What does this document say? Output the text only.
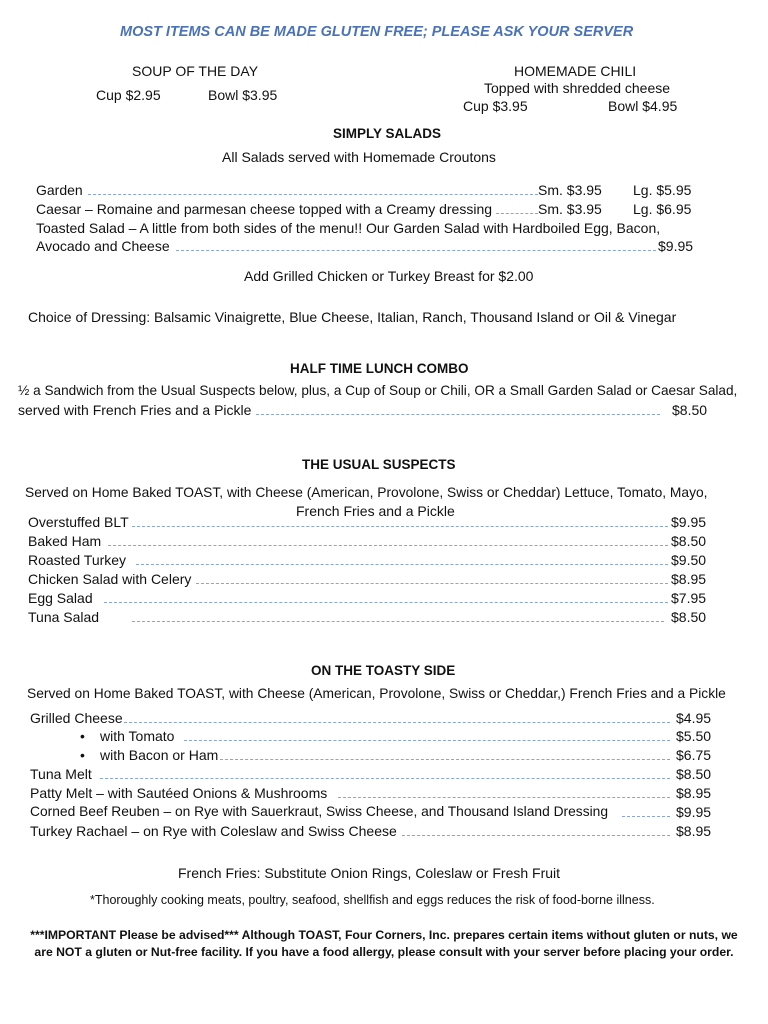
MOST ITEMS CAN BE MADE GLUTEN FREE; PLEASE ASK YOUR SERVER
SOUP OF THE DAY
Cup $2.95	Bowl $3.95
HOMEMADE CHILI
Topped with shredded cheese
Cup $3.95	Bowl $4.95
SIMPLY SALADS
All Salads served with Homemade Croutons
Garden	Sm. $3.95 Lg. $5.95
Caesar – Romaine and parmesan cheese topped with a Creamy dressing	Sm. $3.95 Lg. $6.95
Toasted Salad – A little from both sides of the menu!! Our Garden Salad with Hardboiled Egg, Bacon,
Avocado and Cheese	$9.95
Add Grilled Chicken or Turkey Breast for $2.00
Choice of Dressing: Balsamic Vinaigrette, Blue Cheese, Italian, Ranch, Thousand Island or Oil & Vinegar
HALF TIME LUNCH COMBO
½ a Sandwich from the Usual Suspects below, plus, a Cup of Soup or Chili, OR a Small Garden Salad or Caesar Salad,
served with French Fries and a Pickle	$8.50
THE USUAL SUSPECTS
Served on Home Baked TOAST, with Cheese (American, Provolone, Swiss or Cheddar) Lettuce, Tomato, Mayo,
French Fries and a Pickle
Overstuffed BLT	$9.95
Baked Ham	$8.50
Roasted Turkey	$9.50
Chicken Salad with Celery	$8.95
Egg Salad	$7.95
Tuna Salad	$8.50
ON THE TOASTY SIDE
Served on Home Baked TOAST, with Cheese (American, Provolone, Swiss or Cheddar,) French Fries and a Pickle
Grilled Cheese	$4.95
• with Tomato	$5.50
• with Bacon or Ham	$6.75
Tuna Melt	$8.50
Patty Melt – with Sautéed Onions & Mushrooms	$8.95
Corned Beef Reuben – on Rye with Sauerkraut, Swiss Cheese, and Thousand Island Dressing	$9.95
Turkey Rachael – on Rye with Coleslaw and Swiss Cheese	$8.95
French Fries: Substitute Onion Rings, Coleslaw or Fresh Fruit
*Thoroughly cooking meats, poultry, seafood, shellfish and eggs reduces the risk of food-borne illness.
***IMPORTANT Please be advised*** Although TOAST, Four Corners, Inc. prepares certain items without gluten or nuts, we
are NOT a gluten or Nut-free facility. If you have a food allergy, please consult with your server before placing your order.
